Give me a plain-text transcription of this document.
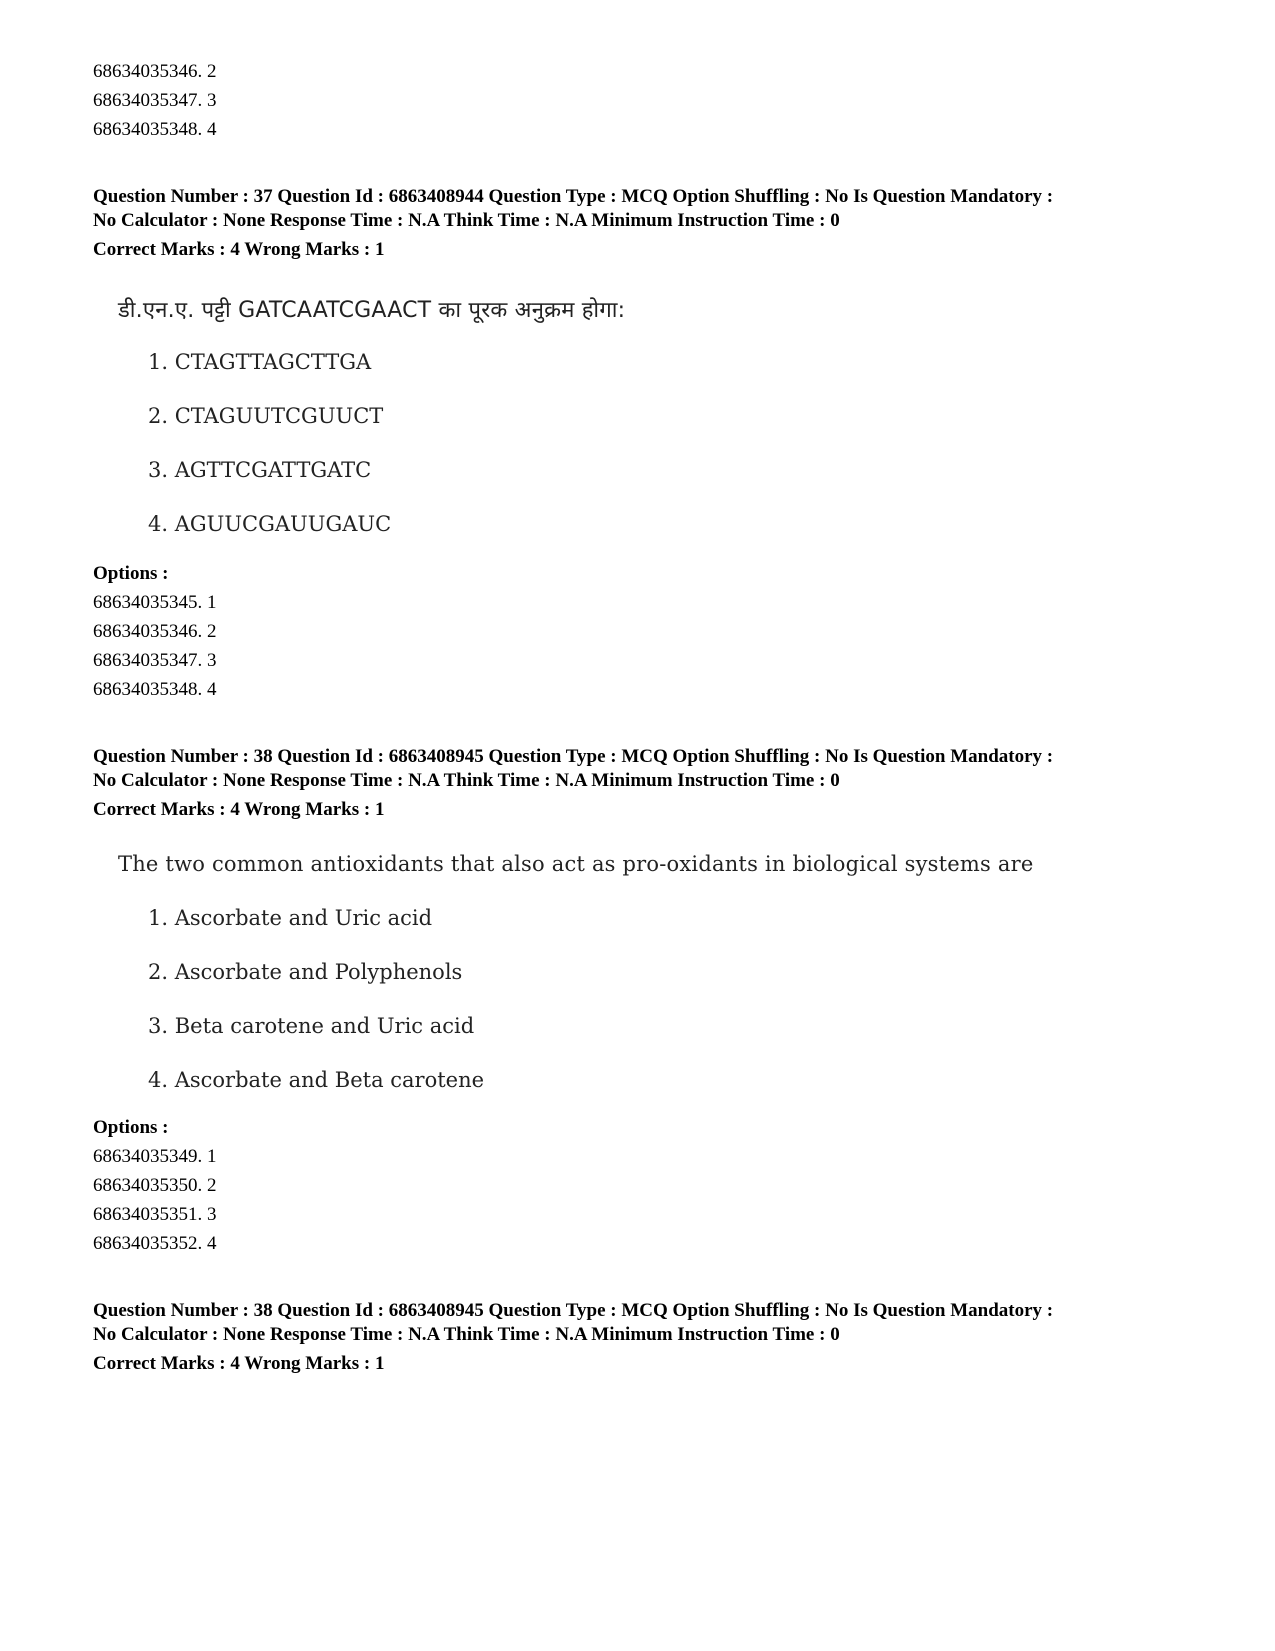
68634035346. 2
68634035347. 3
68634035348. 4
Question Number : 37 Question Id : 6863408944 Question Type : MCQ Option Shuffling : No Is Question Mandatory :
No Calculator : None Response Time : N.A Think Time : N.A Minimum Instruction Time : 0
Correct Marks : 4 Wrong Marks : 1
डी.एन.ए. पट्टी GATCAATCGAACT का पूरक अनुक्रम होगा:
1. CTAGTTAGCTTGA
2. CTAGUUTCGUUCT
3. AGTTCGATTGATC
4. AGUUCGAUUGAUC
Options :
68634035345. 1
68634035346. 2
68634035347. 3
68634035348. 4
Question Number : 38 Question Id : 6863408945 Question Type : MCQ Option Shuffling : No Is Question Mandatory :
No Calculator : None Response Time : N.A Think Time : N.A Minimum Instruction Time : 0
Correct Marks : 4 Wrong Marks : 1
The two common antioxidants that also act as pro-oxidants in biological systems are
1. Ascorbate and Uric acid
2. Ascorbate and Polyphenols
3. Beta carotene and Uric acid
4. Ascorbate and Beta carotene
Options :
68634035349. 1
68634035350. 2
68634035351. 3
68634035352. 4
Question Number : 38 Question Id : 6863408945 Question Type : MCQ Option Shuffling : No Is Question Mandatory :
No Calculator : None Response Time : N.A Think Time : N.A Minimum Instruction Time : 0
Correct Marks : 4 Wrong Marks : 1
